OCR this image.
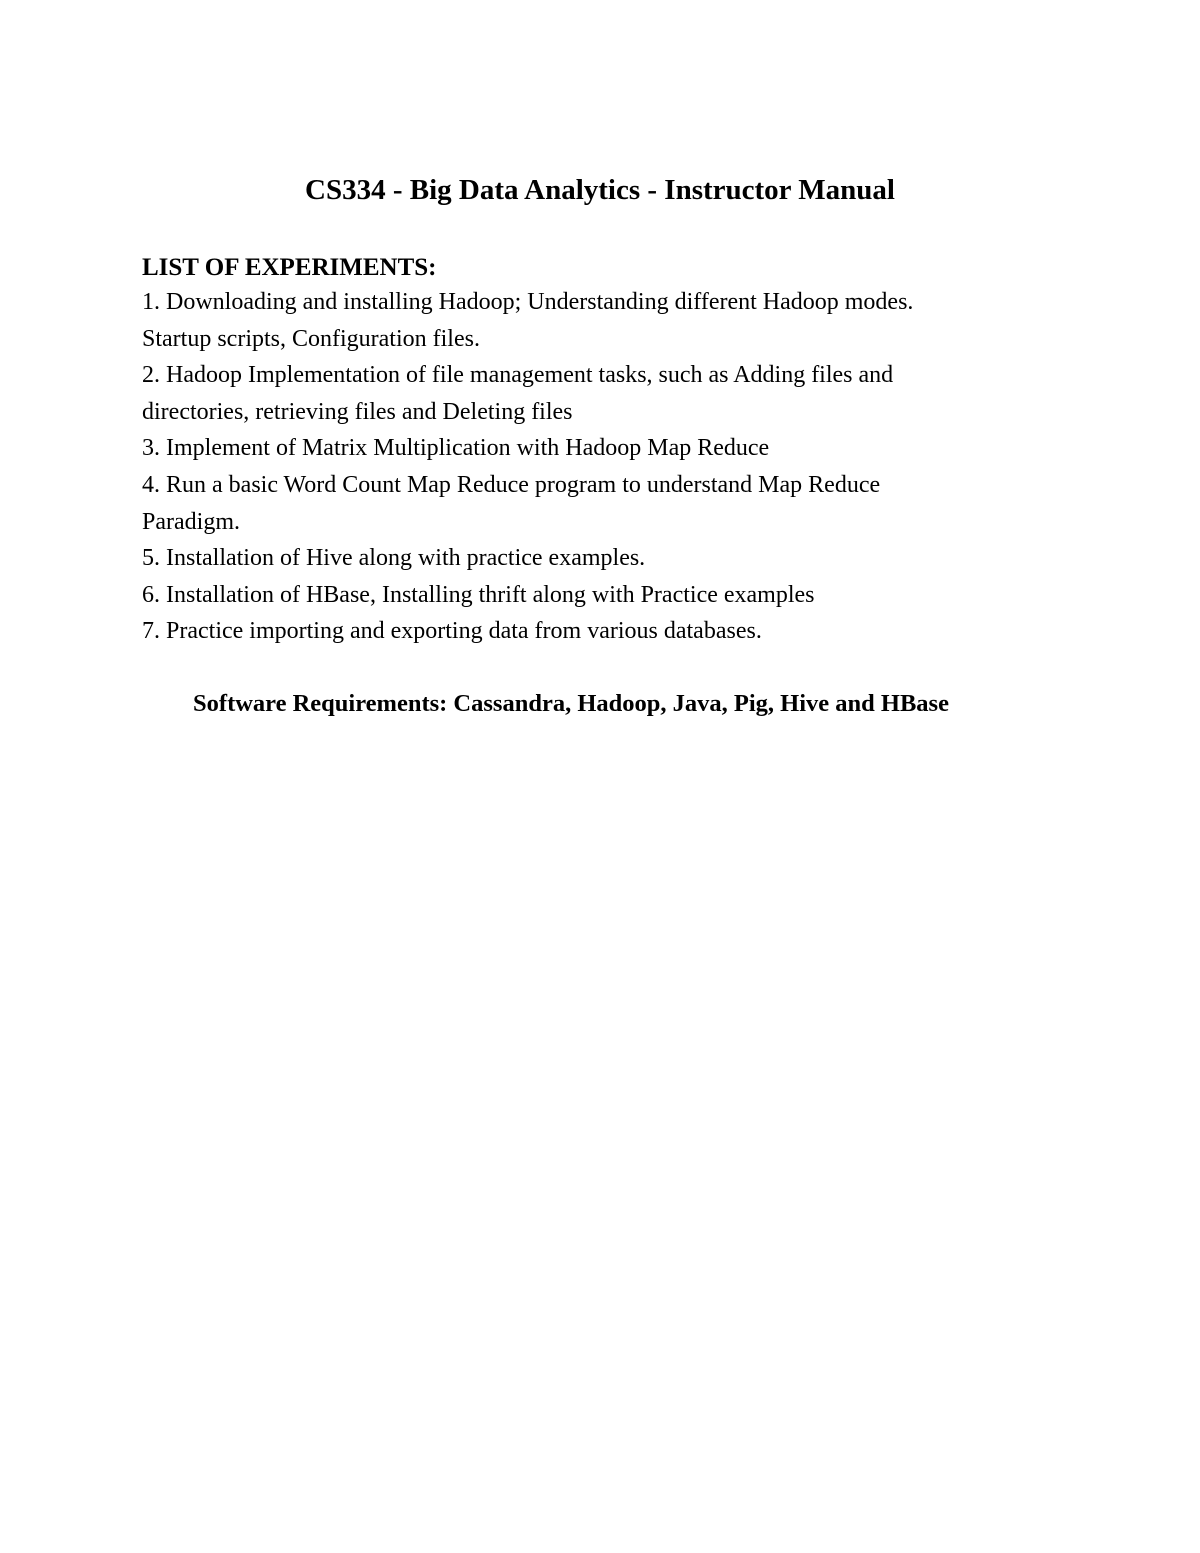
CS334 - Big Data Analytics - Instructor Manual
LIST OF EXPERIMENTS:
1. Downloading and installing Hadoop; Understanding different Hadoop modes.
Startup scripts, Configuration files.
2. Hadoop Implementation of file management tasks, such as Adding files and
directories, retrieving files and Deleting files
3. Implement of Matrix Multiplication with Hadoop Map Reduce
4. Run a basic Word Count Map Reduce program to understand Map Reduce
Paradigm.
5. Installation of Hive along with practice examples.
6. Installation of HBase, Installing thrift along with Practice examples
7. Practice importing and exporting data from various databases.

Software Requirements: Cassandra, Hadoop, Java, Pig, Hive and HBase
